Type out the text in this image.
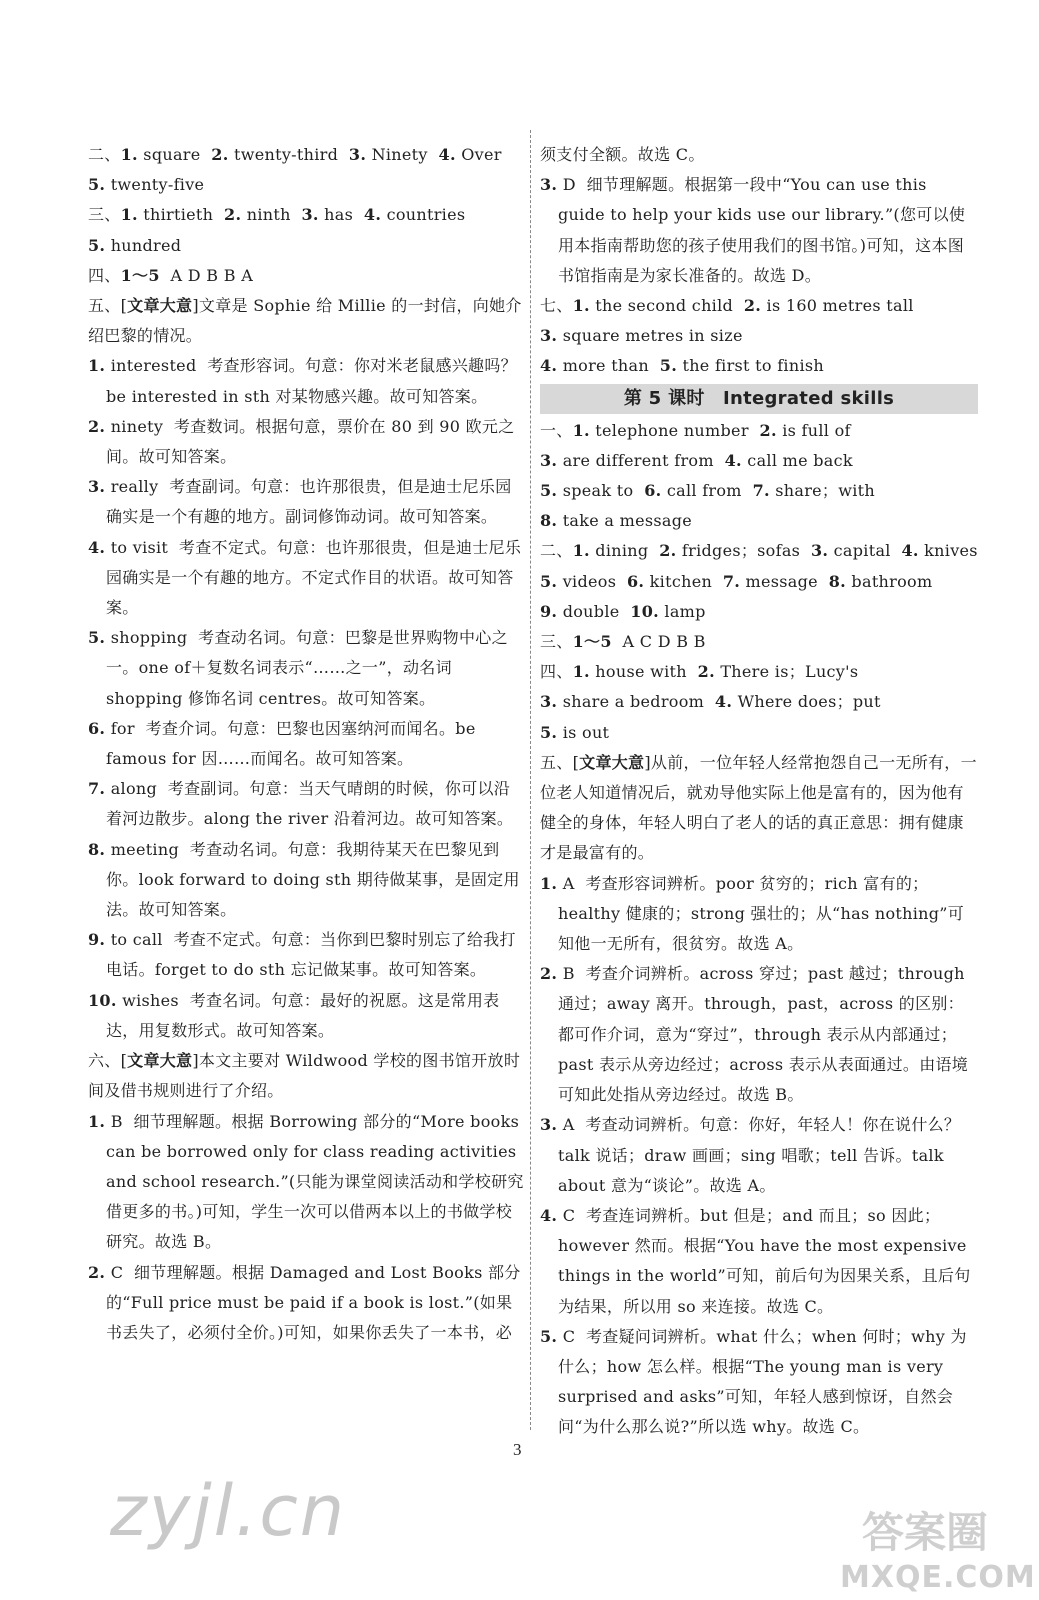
二、1. square  2. twenty-third  3. Ninety  4. Over
5. twenty-five
三、1. thirtieth  2. ninth  3. has  4. countries
5. hundred
四、1～5  A D B B A
五、[文章大意]文章是 Sophie 给 Millie 的一封信，向她介绍巴黎的情况。
1. interested  考查形容词。句意：你对米老鼠感兴趣吗？be interested in sth 对某物感兴趣。故可知答案。
2. ninety  考查数词。根据句意，票价在 80 到 90 欧元之间。故可知答案。
3. really  考查副词。句意：也许那很贵，但是迪士尼乐园确实是一个有趣的地方。副词修饰动词。故可知答案。
4. to visit  考查不定式。句意：也许那很贵，但是迪士尼乐园确实是一个有趣的地方。不定式作目的状语。故可知答案。
5. shopping  考查动名词。句意：巴黎是世界购物中心之一。one of＋复数名词表示“……之一”，动名词 shopping 修饰名词 centres。故可知答案。
6. for  考查介词。句意：巴黎也因塞纳河而闻名。be famous for 因……而闻名。故可知答案。
7. along  考查副词。句意：当天气晴朗的时候，你可以沿着河边散步。along the river 沿着河边。故可知答案。
8. meeting  考查动名词。句意：我期待某天在巴黎见到你。look forward to doing sth 期待做某事，是固定用法。故可知答案。
9. to call  考查不定式。句意：当你到巴黎时别忘了给我打电话。forget to do sth 忘记做某事。故可知答案。
10. wishes  考查名词。句意：最好的祝愿。这是常用表达，用复数形式。故可知答案。
六、[文章大意]本文主要对 Wildwood 学校的图书馆开放时间及借书规则进行了介绍。
1. B  细节理解题。根据 Borrowing 部分的“More books can be borrowed only for class reading activities and school research.”(只能为课堂阅读活动和学校研究借更多的书。)可知，学生一次可以借两本以上的书做学校研究。故选 B。
2. C  细节理解题。根据 Damaged and Lost Books 部分的“Full price must be paid if a book is lost.”(如果书丢失了，必须付全价。)可知，如果你丢失了一本书，必
须支付全额。故选 C。
3. D  细节理解题。根据第一段中“You can use this guide to help your kids use our library.”(您可以使用本指南帮助您的孩子使用我们的图书馆。)可知，这本图书馆指南是为家长准备的。故选 D。
七、1. the second child  2. is 160 metres tall
3. square metres in size
4. more than  5. the first to finish
第 5 课时　Integrated skills
一、1. telephone number  2. is full of
3. are different from  4. call me back
5. speak to  6. call from  7. share；with
8. take a message
二、1. dining  2. fridges；sofas  3. capital  4. knives
5. videos  6. kitchen  7. message  8. bathroom
9. double  10. lamp
三、1～5  A C D B B
四、1. house with  2. There is；Lucy's
3. share a bedroom  4. Where does；put
5. is out
五、[文章大意]从前，一位年轻人经常抱怨自己一无所有，一位老人知道情况后，就劝导他实际上他是富有的，因为他有健全的身体，年轻人明白了老人的话的真正意思：拥有健康才是最富有的。
1. A  考查形容词辨析。poor 贫穷的；rich 富有的；healthy 健康的；strong 强壮的；从“has nothing”可知他一无所有，很贫穷。故选 A。
2. B  考查介词辨析。across 穿过；past 越过；through 通过；away 离开。through，past，across 的区别：都可作介词，意为“穿过”，through 表示从内部通过；past 表示从旁边经过；across 表示从表面通过。由语境可知此处指从旁边经过。故选 B。
3. A  考查动词辨析。句意：你好，年轻人！你在说什么？talk 说话；draw 画画；sing 唱歌；tell 告诉。talk about 意为“谈论”。故选 A。
4. C  考查连词辨析。but 但是；and 而且；so 因此；however 然而。根据“You have the most expensive things in the world”可知，前后句为因果关系，且后句为结果，所以用 so 来连接。故选 C。
5. C  考查疑问词辨析。what 什么；when 何时；why 为什么；how 怎么样。根据“The young man is very surprised and asks”可知，年轻人感到惊讶，自然会问“为什么那么说?”所以选 why。故选 C。
3
zyjl.cn	答案圈
MXQE.COM
